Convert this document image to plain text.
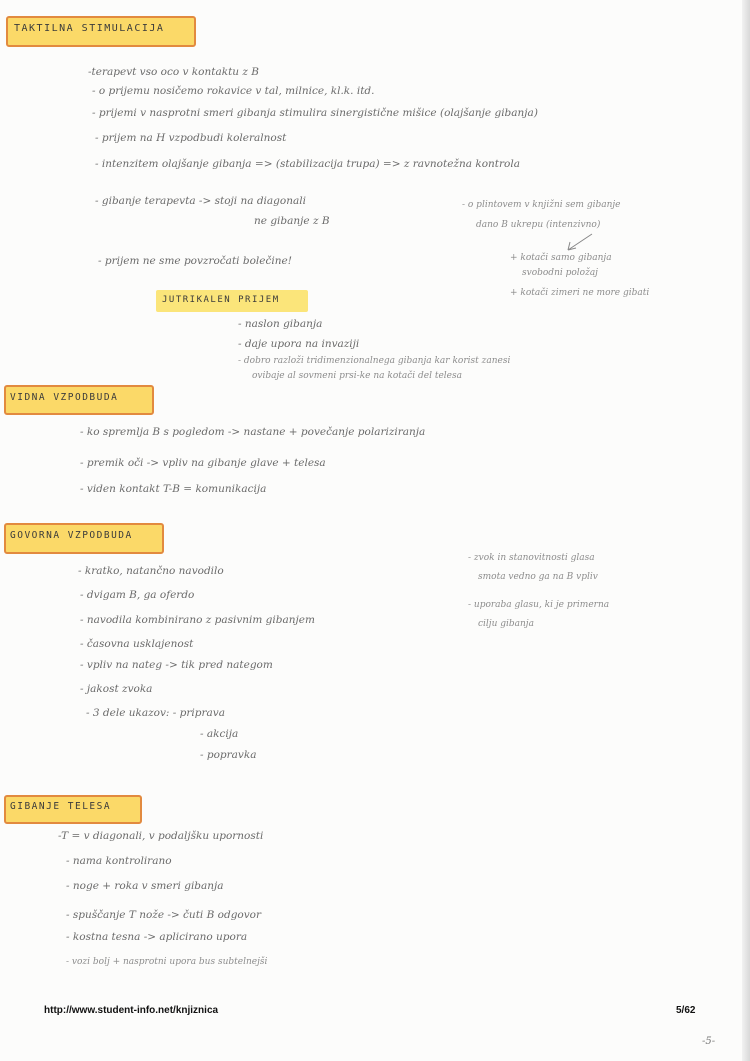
TAKTILNA STIMULACIJA
-terapevt vso oco v kontaktu z B
- o prijemu nosičemo rokavice v tal, milnice, kl.k. itd.
- prijemi v nasprotni smeri gibanja stimulira sinergistične mišice (olajšanje gibanja)
- prijem na H vzpodbudi koleralnost
- intenzitem olajšanje gibanja => (stabilizacija trupa) => z ravnotežna kontrola
- gibanje terapevta -> stoji na diagonali
ne gibanje z B
- prijem ne sme povzročati bolečine!
- o plintovem v knjižni sem gibanje
dano B ukrepu (intenzivno)
+ kotači samo gibanja
svobodni položaj
+ kotači zimeri ne more gibati
JUTRIKALEN PRIJEM
- naslon gibanja
- daje upora na invaziji
- dobro razloži tridimenzionalnega gibanja kar korist zanesi
ovibaje al sovmeni prsi-ke na kotači del telesa
VIDNA VZPODBUDA
- ko spremlja B s pogledom -> nastane + povečanje polariziranja
- premik oči -> vpliv na gibanje glave + telesa
- viden kontakt T-B = komunikacija
GOVORNA VZPODBUDA
- kratko, natančno navodilo
- dvigam B, ga oferdo
- navodila kombinirano z pasivnim gibanjem
- časovna usklajenost
- vpliv na nateg -> tik pred nategom
- jakost zvoka
- 3 dele ukazov: - priprava
- akcija
- popravka
- zvok in stanovitnosti glasa
smota vedno ga na B vpliv
- uporaba glasu, ki je primerna
cilju gibanja
GIBANJE TELESA
-T = v diagonali, v podaljšku upornosti
- nama kontrolirano
- noge + roka v smeri gibanja
- spuščanje T nože -> čuti B odgovor
- kostna tesna -> aplicirano upora
- vozi bolj + nasprotni upora bus subtelnejši
http://www.student-info.net/knjiznica	5/62
-5-
